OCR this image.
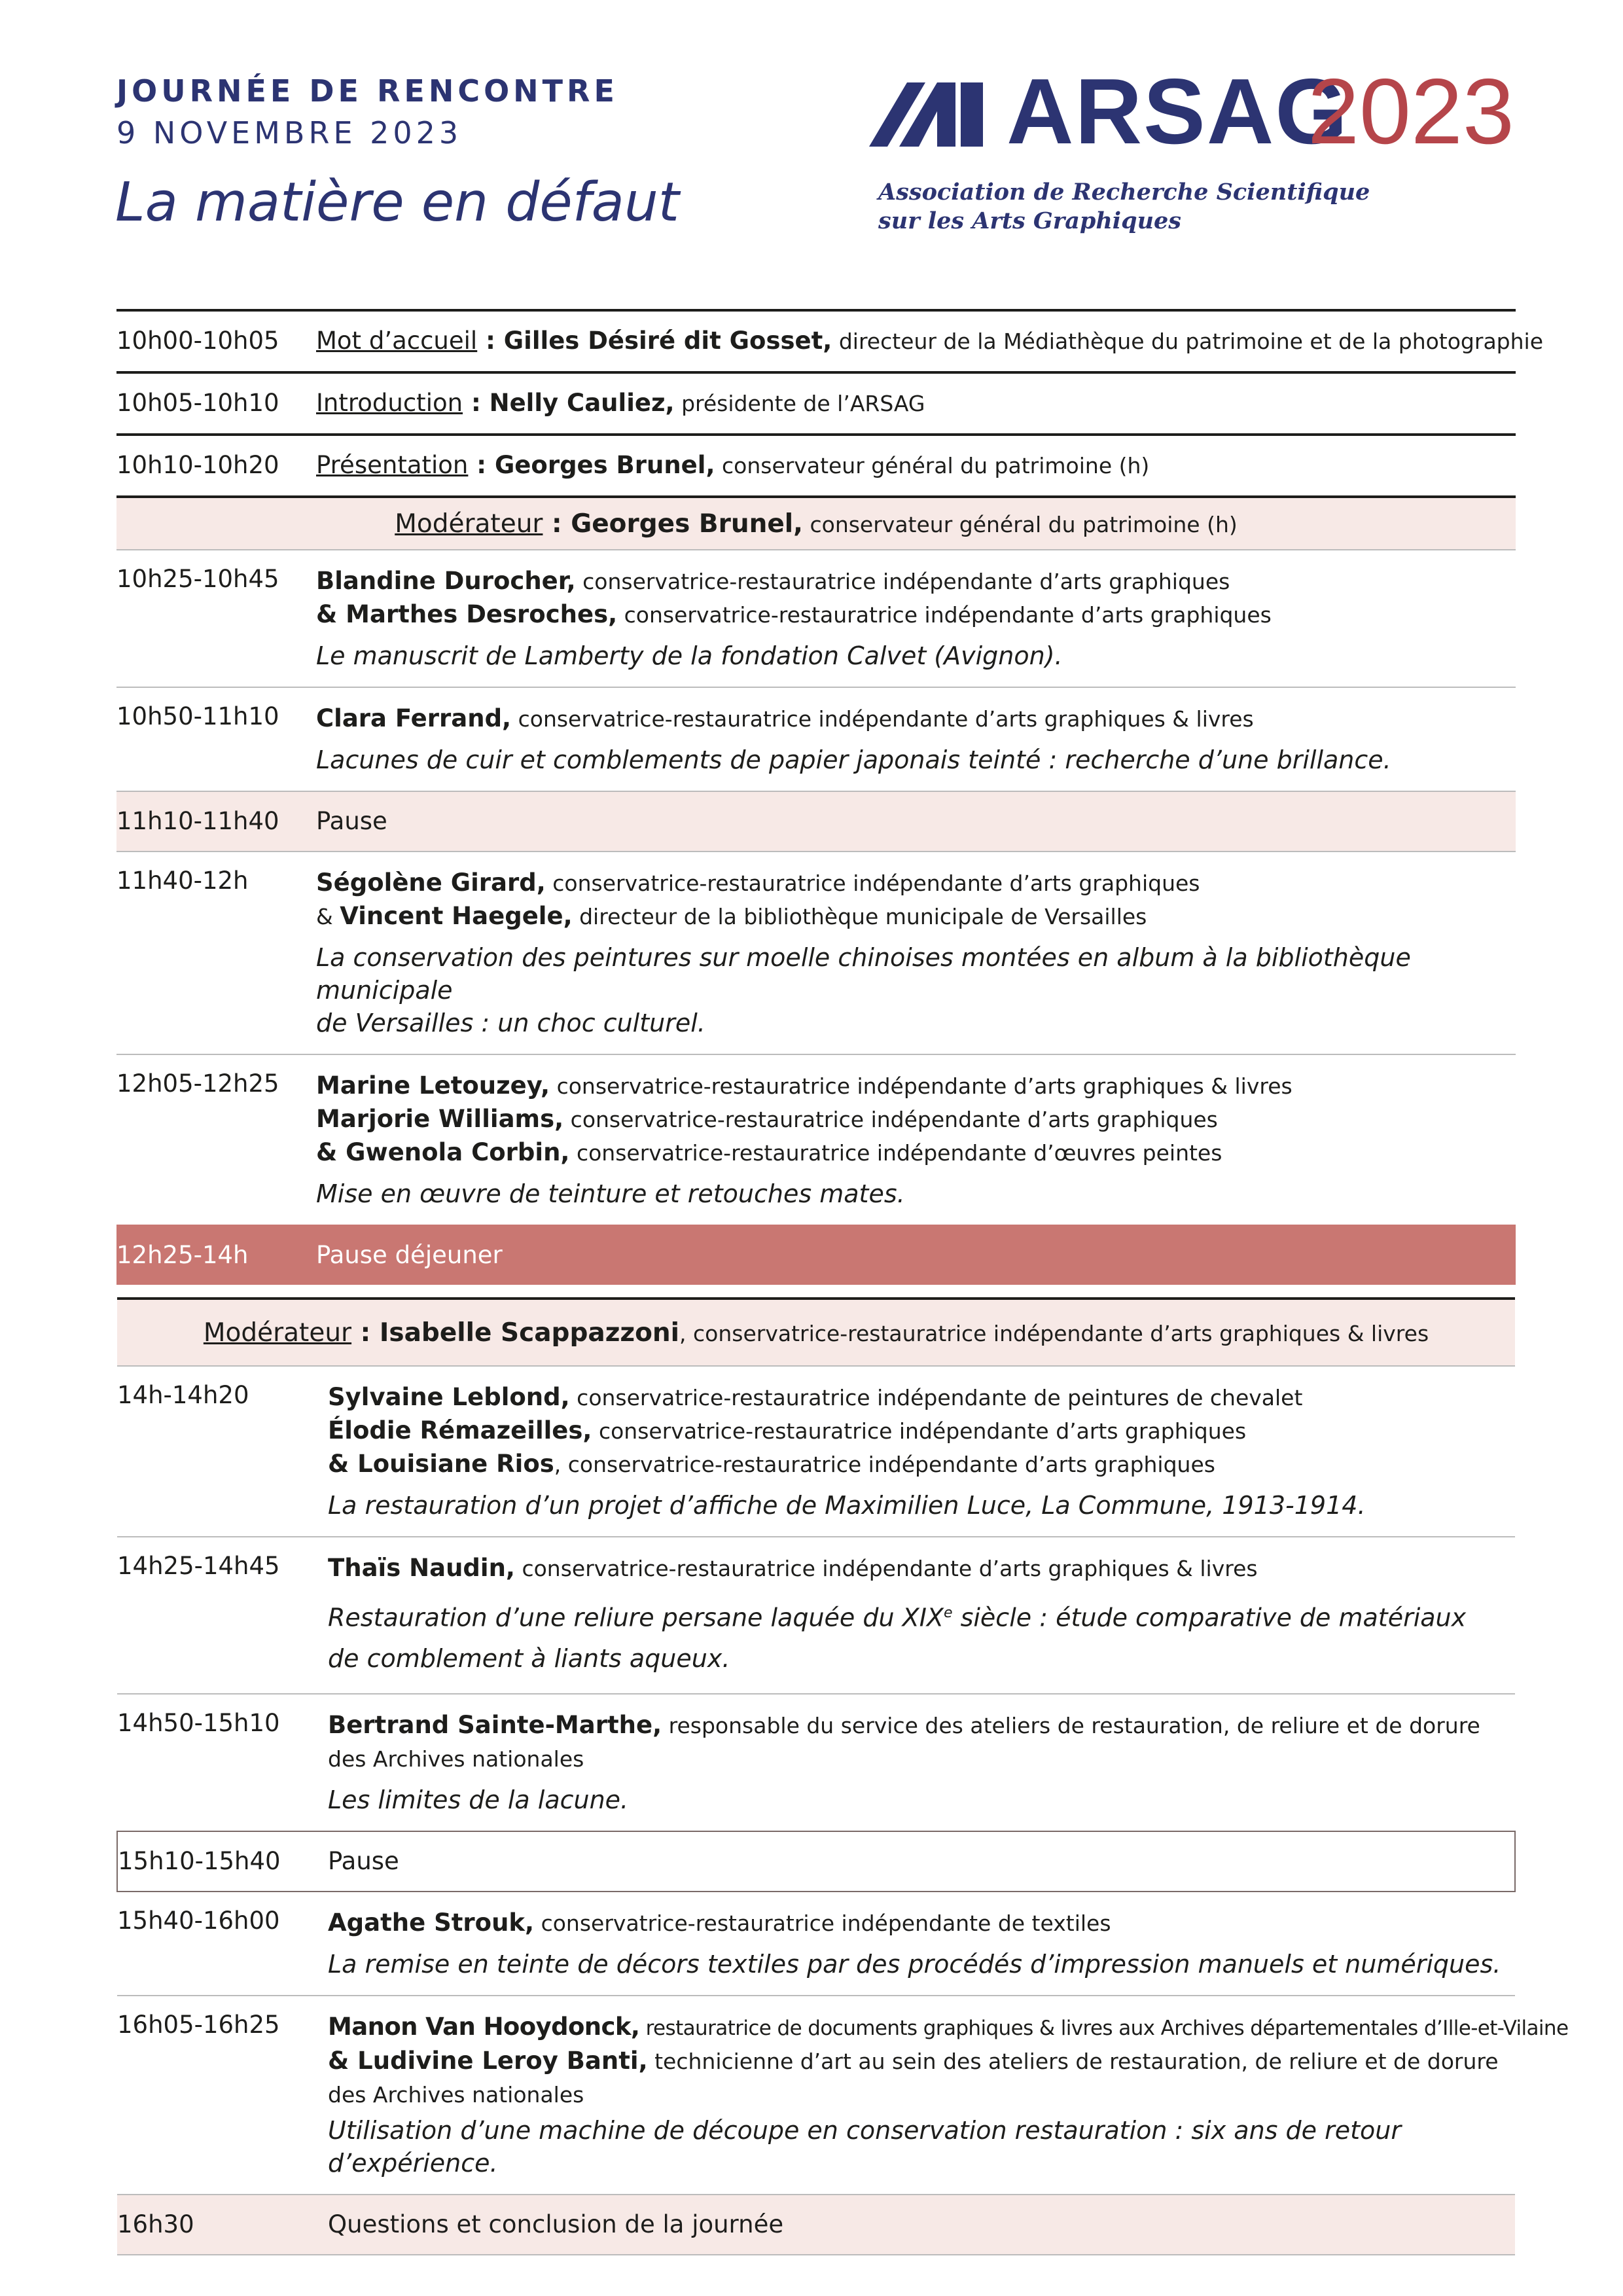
JOURNÉE DE RENCONTRE
9 NOVEMBRE 2023
La matière en défaut
ARSAG
2023
Association de Recherche Scientifique
sur les Arts Graphiques
10h00-10h05	Mot d’accueil : Gilles Désiré dit Gosset, directeur de la Médiathèque du patrimoine et de la photographie

10h05-10h10	Introduction : Nelly Cauliez, présidente de l’ARSAG

10h10-10h20	Présentation : Georges Brunel, conservateur général du patrimoine (h)

Modérateur : Georges Brunel, conservateur général du patrimoine (h)	

10h25-10h45	Blandine Durocher, conservatrice-restauratrice indépendante d’arts graphiques
& Marthes Desroches, conservatrice-restauratrice indépendante d’arts graphiques
Le manuscrit de Lamberty de la fondation Calvet (Avignon).

10h50-11h10	Clara Ferrand, conservatrice-restauratrice indépendante d’arts graphiques & livres
Lacunes de cuir et comblements de papier japonais teinté : recherche d’une brillance.

11h10-11h40	Pause

11h40-12h	Ségolène Girard, conservatrice-restauratrice indépendante d’arts graphiques
& Vincent Haegele, directeur de la bibliothèque municipale de Versailles
La conservation des peintures sur moelle chinoises montées en album à la bibliothèque municipale
de Versailles : un choc culturel.

12h05-12h25	Marine Letouzey, conservatrice-restauratrice indépendante d’arts graphiques & livres
Marjorie Williams, conservatrice-restauratrice indépendante d’arts graphiques
& Gwenola Corbin, conservatrice-restauratrice indépendante d’œuvres peintes
Mise en œuvre de teinture et retouches mates.

12h25-14h	Pause déjeuner
Modérateur : Isabelle Scappazzoni, conservatrice-restauratrice indépendante d’arts graphiques & livres	

14h-14h20	Sylvaine Leblond, conservatrice-restauratrice indépendante de peintures de chevalet
Élodie Rémazeilles, conservatrice-restauratrice indépendante d’arts graphiques
& Louisiane Rios, conservatrice-restauratrice indépendante d’arts graphiques
La restauration d’un projet d’affiche de Maximilien Luce, La Commune, 1913-1914.

14h25-14h45	Thaïs Naudin, conservatrice-restauratrice indépendante d’arts graphiques & livres
Restauration d’une reliure persane laquée du XIXe siècle : étude comparative de matériaux
de comblement à liants aqueux.

14h50-15h10	Bertrand Sainte-Marthe, responsable du service des ateliers de restauration, de reliure et de dorure
des Archives nationales
Les limites de la lacune.

15h10-15h40	Pause

15h40-16h00	Agathe Strouk, conservatrice-restauratrice indépendante de textiles
La remise en teinte de décors textiles par des procédés d’impression manuels et numériques.

16h05-16h25	Manon Van Hooydonck, restauratrice de documents graphiques & livres aux Archives départementales d’Ille-et-Vilaine
& Ludivine Leroy Banti, technicienne d’art au sein des ateliers de restauration, de reliure et de dorure
des Archives nationales
Utilisation d’une machine de découpe en conservation restauration : six ans de retour d’expérience.

16h30	Questions et conclusion de la journée
